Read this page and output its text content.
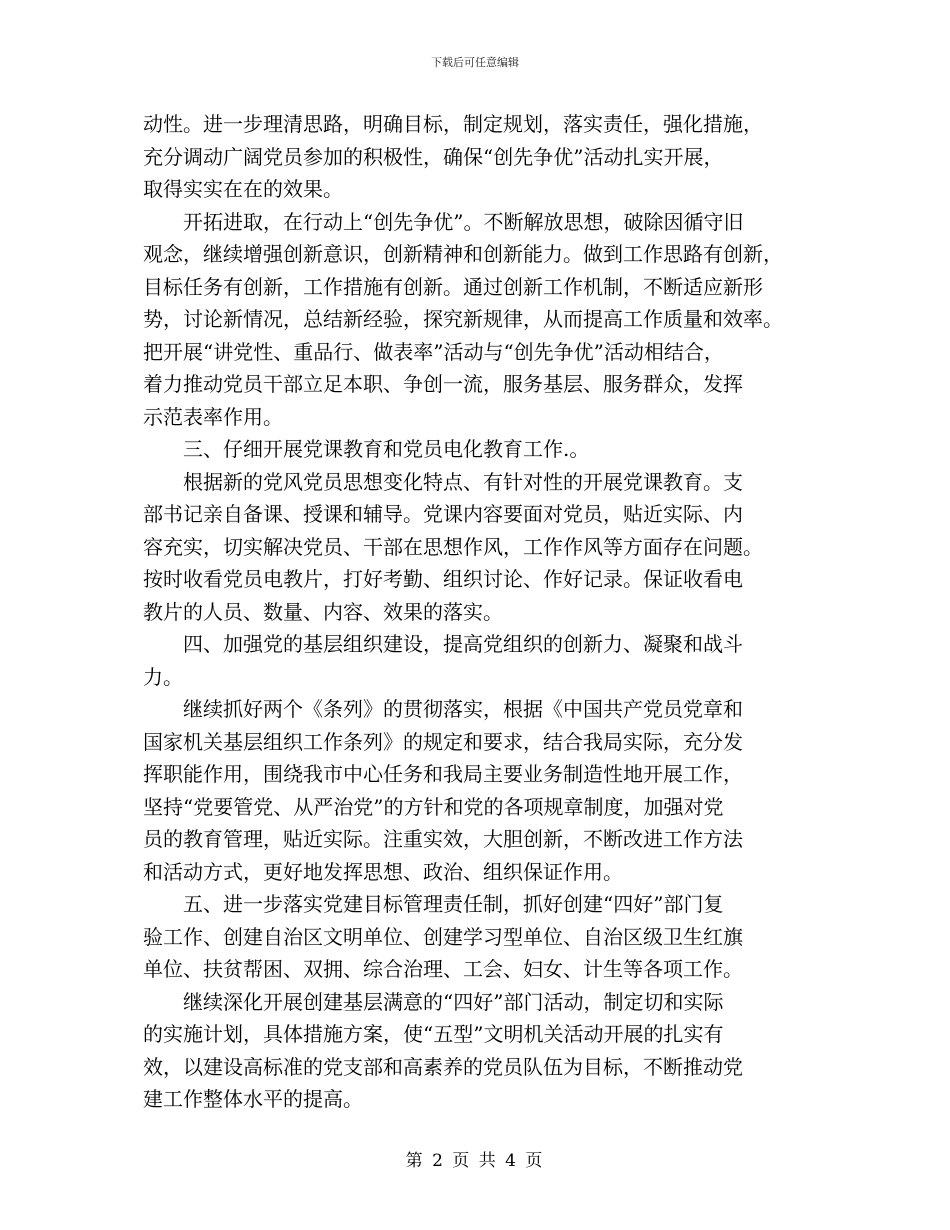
下载后可任意编辑
动性。进一步理清思路，明确目标，制定规划，落实责任，强化措施，
充分调动广阔党员参加的积极性，确保“创先争优”活动扎实开展，
取得实实在在的效果。
开拓进取，在行动上“创先争优”。不断解放思想，破除因循守旧
观念，继续增强创新意识，创新精神和创新能力。做到工作思路有创新，
目标任务有创新，工作措施有创新。通过创新工作机制，不断适应新形
势，讨论新情况，总结新经验，探究新规律，从而提高工作质量和效率。
把开展“讲党性、重品行、做表率”活动与“创先争优”活动相结合，
着力推动党员干部立足本职、争创一流，服务基层、服务群众，发挥
示范表率作用。
三、仔细开展党课教育和党员电化教育工作.。
根据新的党风党员思想变化特点、有针对性的开展党课教育。支
部书记亲自备课、授课和辅导。党课内容要面对党员，贴近实际、内
容充实，切实解决党员、干部在思想作风，工作作风等方面存在问题。
按时收看党员电教片，打好考勤、组织讨论、作好记录。保证收看电
教片的人员、数量、内容、效果的落实。
四、加强党的基层组织建设，提高党组织的创新力、凝聚和战斗
力。
继续抓好两个《条列》的贯彻落实，根据《中国共产党员党章和
国家机关基层组织工作条列》的规定和要求，结合我局实际，充分发
挥职能作用，围绕我市中心任务和我局主要业务制造性地开展工作，
坚持“党要管党、从严治党”的方针和党的各项规章制度，加强对党
员的教育管理，贴近实际。注重实效，大胆创新，不断改进工作方法
和活动方式，更好地发挥思想、政治、组织保证作用。
五、进一步落实党建目标管理责任制，抓好创建“四好”部门复
验工作、创建自治区文明单位、创建学习型单位、自治区级卫生红旗
单位、扶贫帮困、双拥、综合治理、工会、妇女、计生等各项工作。
继续深化开展创建基层满意的“四好”部门活动，制定切和实际
的实施计划，具体措施方案，使“五型”文明机关活动开展的扎实有
效，以建设高标准的党支部和高素养的党员队伍为目标，不断推动党
建工作整体水平的提高。
第 2 页 共 4 页
